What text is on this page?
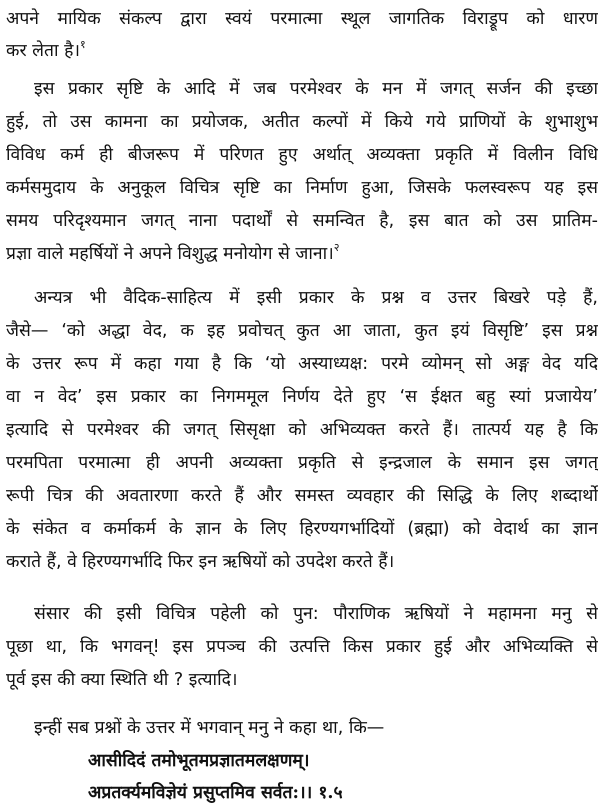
अपने मायिक संकल्प द्वारा स्वयं परमात्मा स्थूल जागतिक विराड्रूप को धारण
कर लेता है।$^१$
इस प्रकार सृष्टि के आदि में जब परमेश्वर के मन में जगत् सर्जन की इच्छा
हुई, तो उस कामना का प्रयोजक, अतीत कल्पों में किये गये प्राणियों के शुभाशुभ
विविध कर्म ही बीजरूप में परिणत हुए अर्थात् अव्यक्ता प्रकृति में विलीन विधि
कर्मसमुदाय के अनुकूल विचित्र सृष्टि का निर्माण हुआ, जिसके फलस्वरूप यह इस
समय परिदृश्यमान जगत् नाना पदार्थों से समन्वित है, इस बात को उस प्रातिम-
प्रज्ञा वाले महर्षियों ने अपने विशुद्ध मनोयोग से जाना।$^२$
अन्यत्र भी वैदिक-साहित्य में इसी प्रकार के प्रश्न व उत्तर बिखरे पड़े हैं,
जैसे— ‘को अद्धा वेद, क इह प्रवोचत् कुत आ जाता, कुत इयं विसृष्टि’ इस प्रश्न
के उत्तर रूप में कहा गया है कि ‘यो अस्याध्यक्ष: परमे व्योमन् सो अङ्ग वेद यदि
वा न वेद’ इस प्रकार का निगममूल निर्णय देते हुए ‘स ईक्षत बहु स्यां प्रजायेय’
इत्यादि से परमेश्वर की जगत् सिसृक्षा को अभिव्यक्त करते हैं। तात्पर्य यह है कि
परमपिता परमात्मा ही अपनी अव्यक्ता प्रकृति से इन्द्रजाल के समान इस जगत्
रूपी चित्र की अवतारणा करते हैं और समस्त व्यवहार की सिद्धि के लिए शब्दार्थो
के संकेत व कर्माकर्म के ज्ञान के लिए हिरण्यगर्भादियों (ब्रह्मा) को वेदार्थ का ज्ञान
कराते हैं, वे हिरण्यगर्भादि फिर इन ऋषियों को उपदेश करते हैं।
संसार की इसी विचित्र पहेली को पुन: पौराणिक ऋषियों ने महामना मनु से
पूछा था, कि भगवन्! इस प्रपञ्च की उत्पत्ति किस प्रकार हुई और अभिव्यक्ति से
पूर्व इस की क्या स्थिति थी ? इत्यादि।
इन्हीं सब प्रश्नों के उत्तर में भगवान् मनु ने कहा था, कि—
आसीदिदं तमोभूतमप्रज्ञातमलक्षणम्।
अप्रतर्क्यमविज्ञेयं प्रसुप्तमिव सर्वत:।। १.५
